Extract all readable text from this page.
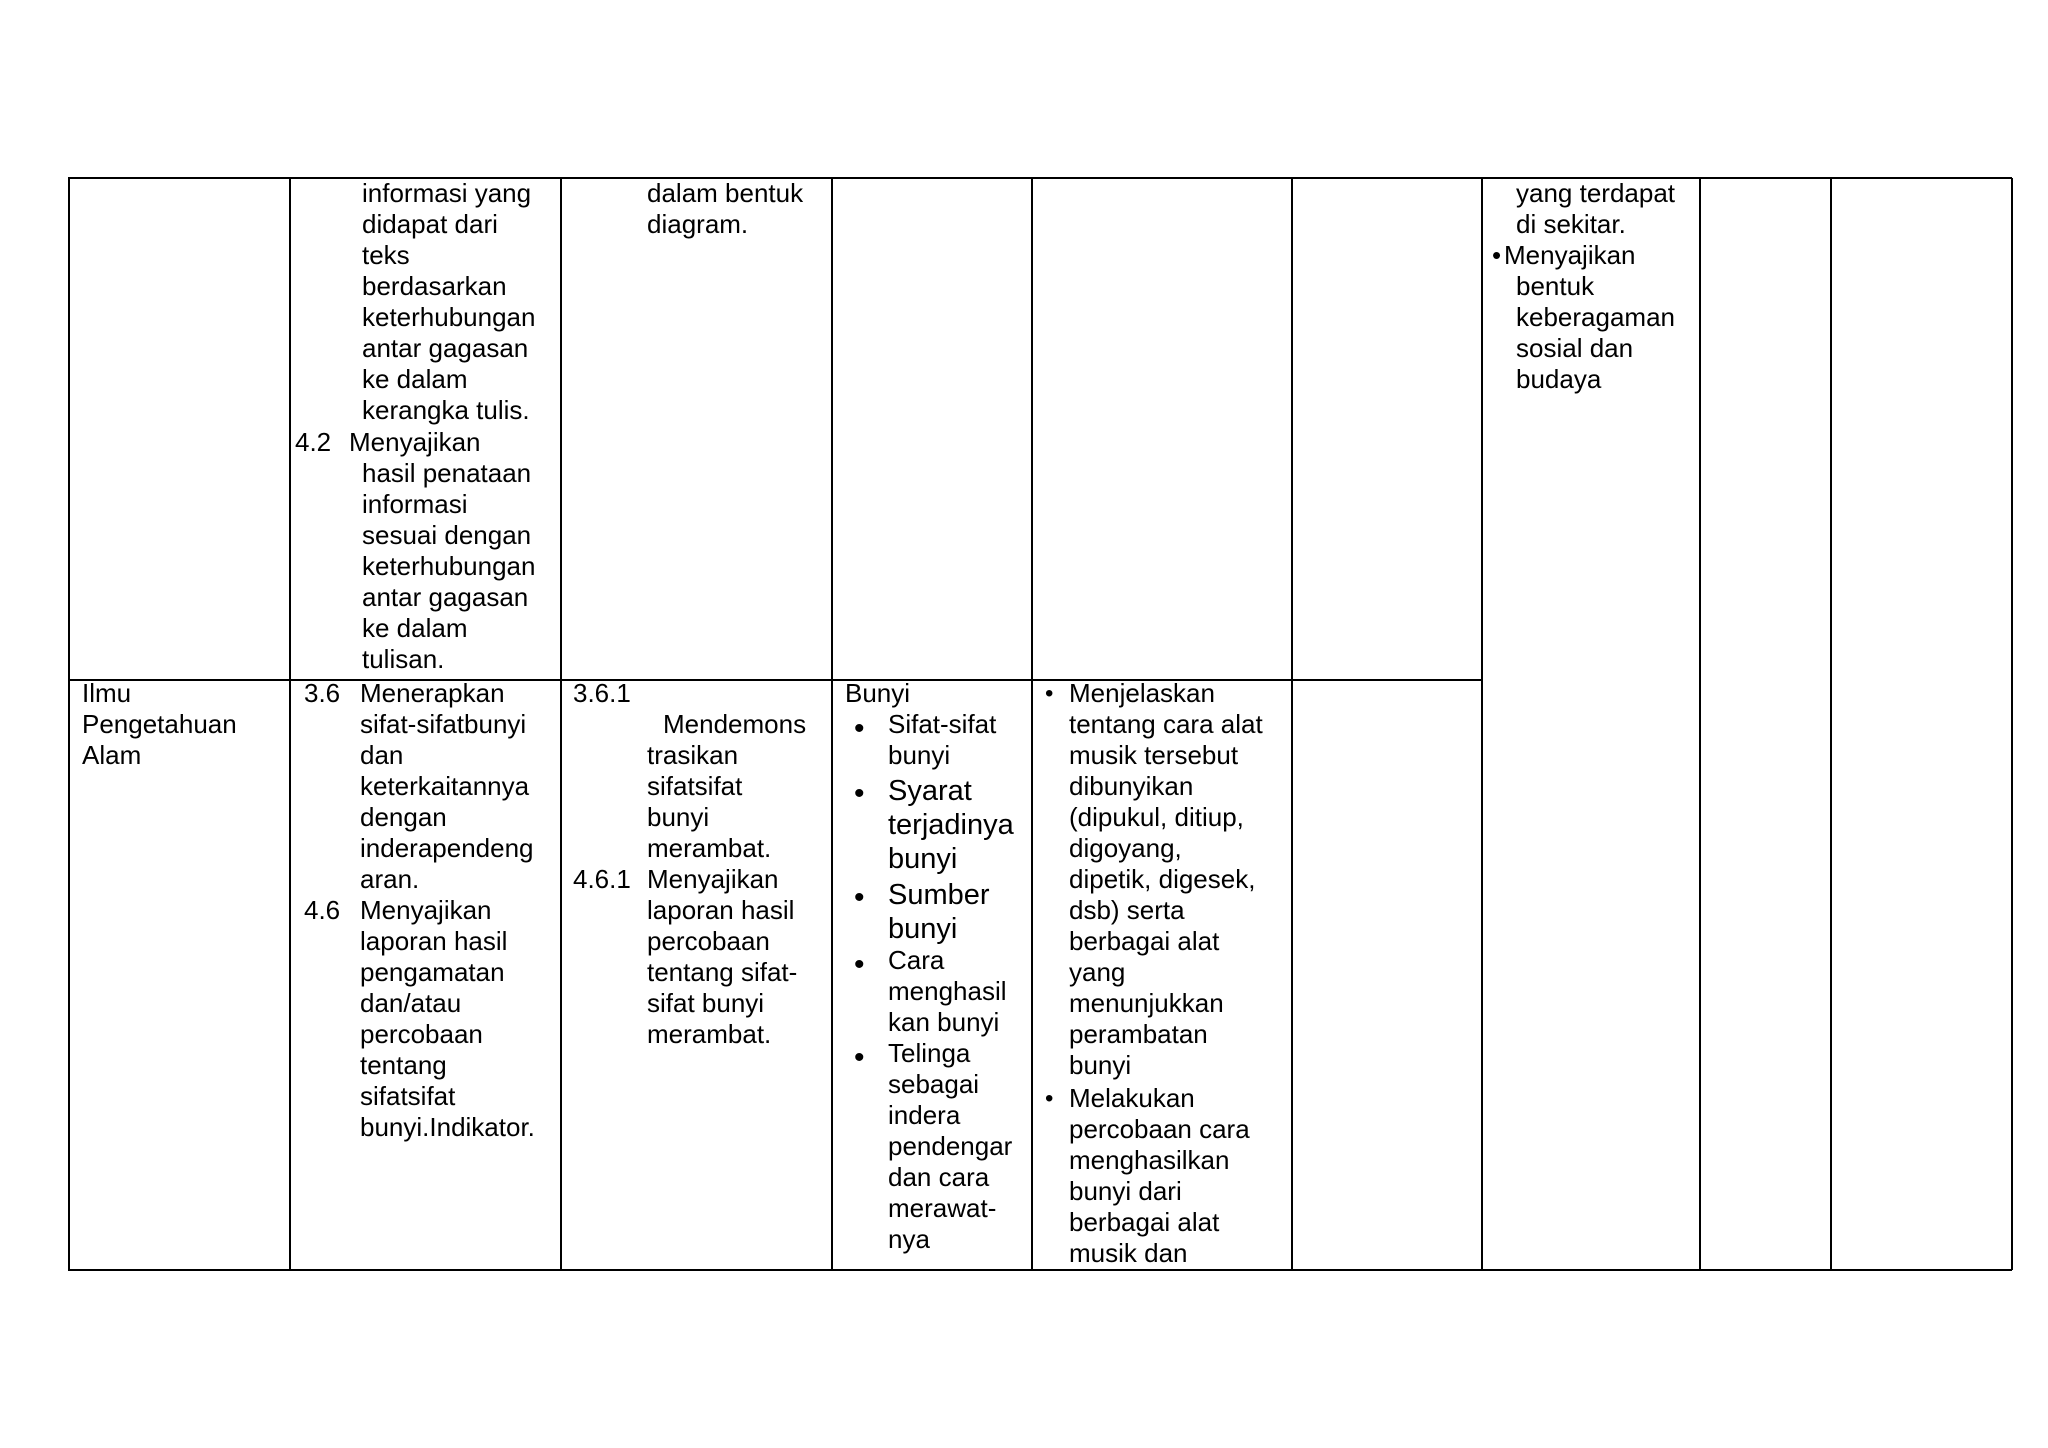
informasi yang
didapat dari
teks
berdasarkan
keterhubungan
antar gagasan
ke dalam
kerangka tulis.
4.2 Menyajikan
hasil penataan
informasi
sesuai dengan
keterhubungan
antar gagasan
ke dalam
tulisan.
dalam bentuk
diagram.
yang terdapat
di sekitar.
• Menyajikan
bentuk
keberagaman
sosial dan
budaya
Ilmu
Pengetahuan
Alam
3.6 Menerapkan
sifat-sifatbunyi
dan
keterkaitannya
dengan
inderapendeng
aran.
4.6 Menyajikan
laporan hasil
pengamatan
dan/atau
percobaan
tentang
sifatsifat
bunyi.Indikator.
3.6.1
Mendemons
trasikan
sifatsifat
bunyi
merambat.
4.6.1 Menyajikan
laporan hasil
percobaan
tentang sifat-
sifat bunyi
merambat.
Bunyi
• Sifat-sifat
bunyi
• Syarat
terjadinya
bunyi
• Sumber
bunyi
• Cara
menghasil
kan bunyi
• Telinga
sebagai
indera
pendengar
dan cara
merawat-
nya
• Menjelaskan
tentang cara alat
musik tersebut
dibunyikan
(dipukul, ditiup,
digoyang,
dipetik, digesek,
dsb) serta
berbagai alat
yang
menunjukkan
perambatan
bunyi
• Melakukan
percobaan cara
menghasilkan
bunyi dari
berbagai alat
musik dan
